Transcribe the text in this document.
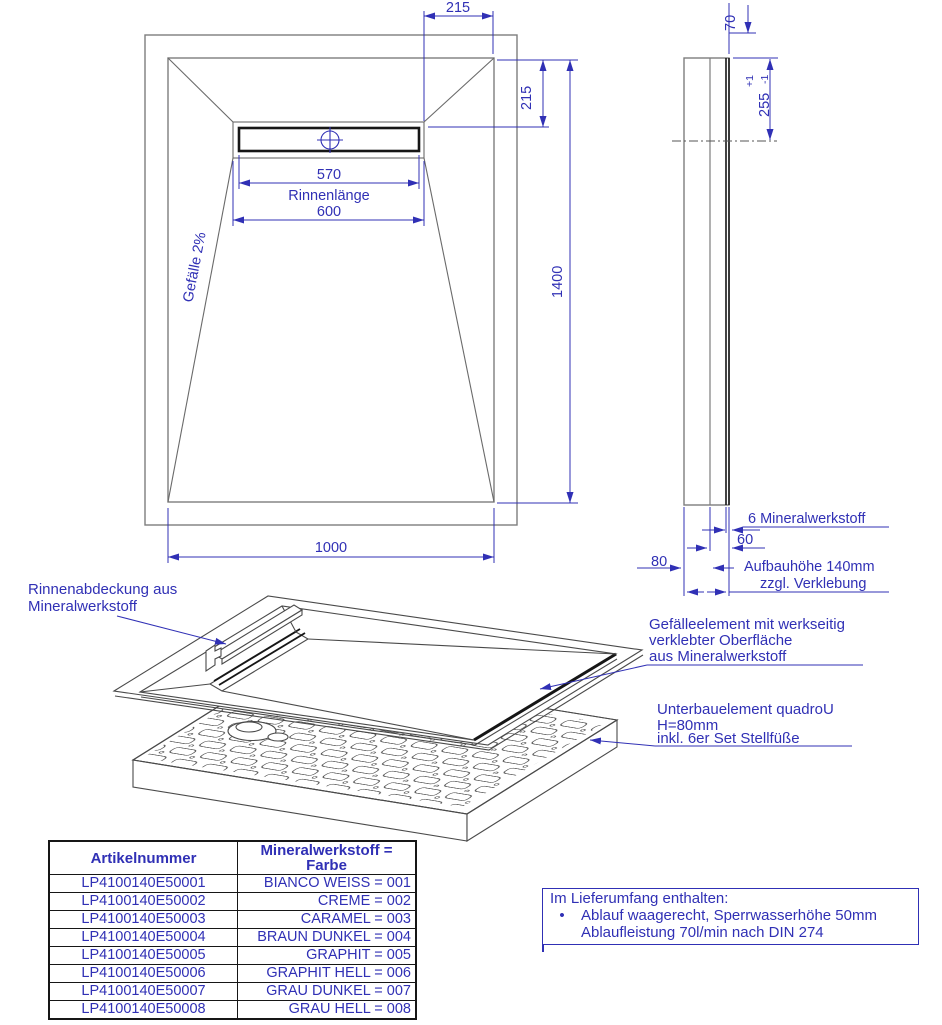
215
215
570
Rinnenlänge
600
1400
1000
Gefälle 2%
70
255
+1 -1
6 Mineralwerkstoff
60
80	Aufbauhöhe 140mm
zzgl. Verklebung
Rinnenabdeckung aus
Mineralwerkstoff
Gefälleelement mit werkseitig
verklebter Oberfläche
aus Mineralwerkstoff
Unterbauelement quadroU
H=80mm
inkl. 6er Set Stellfüße
Artikelnummer	Mineralwerkstoff =
Farbe
LP4100140E50001	BIANCO WEISS = 001
LP4100140E50002	CREME = 002
LP4100140E50003	CARAMEL = 003
LP4100140E50004	BRAUN DUNKEL = 004
LP4100140E50005	GRAPHIT = 005
LP4100140E50006	GRAPHIT HELL = 006
LP4100140E50007	GRAU DUNKEL = 007
LP4100140E50008	GRAU HELL = 008
Im Lieferumfang enthalten:
•	Ablauf waagerecht, Sperrwasserhöhe 50mm
Ablaufleistung 70l/min nach DIN 274
